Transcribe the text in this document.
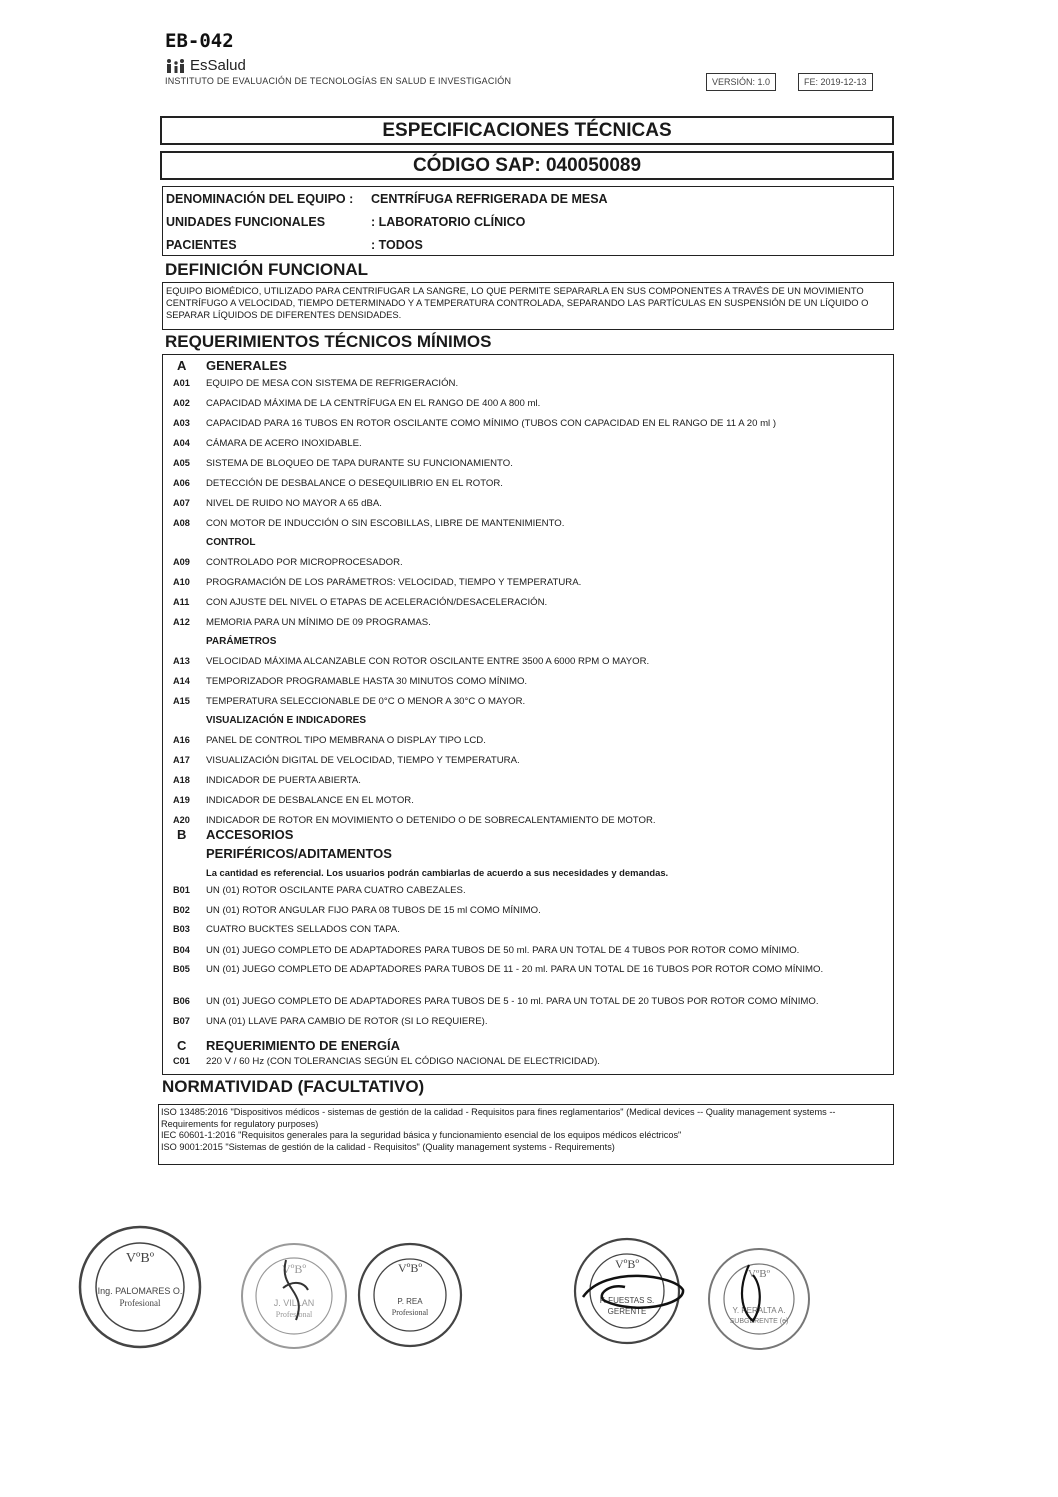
EB-042
EsSalud
INSTITUTO DE EVALUACIÓN DE TECNOLOGÍAS EN SALUD E INVESTIGACIÓN	VERSIÓN: 1.0	FE: 2019-12-13
ESPECIFICACIONES TÉCNICAS
CÓDIGO SAP: 040050089
DENOMINACIÓN DEL EQUIPO : CENTRÍFUGA REFRIGERADA DE MESA
UNIDADES FUNCIONALES	: LABORATORIO CLÍNICO
PACIENTES	: TODOS
DEFINICIÓN FUNCIONAL
EQUIPO BIOMÉDICO, UTILIZADO PARA CENTRIFUGAR LA SANGRE, LO QUE PERMITE SEPARARLA EN SUS COMPONENTES A TRAVÉS DE UN MOVIMIENTO CENTRÍFUGO A VELOCIDAD, TIEMPO DETERMINADO Y A TEMPERATURA CONTROLADA, SEPARANDO LAS PARTÍCULAS EN SUSPENSIÓN DE UN LÍQUIDO O SEPARAR LÍQUIDOS DE DIFERENTES DENSIDADES.
REQUERIMIENTOS TÉCNICOS MÍNIMOS
A	GENERALES
A01	EQUIPO DE MESA CON SISTEMA DE REFRIGERACIÓN.
A02	CAPACIDAD MÁXIMA DE LA CENTRÍFUGA EN EL RANGO DE 400 A 800 ml.
A03	CAPACIDAD PARA 16 TUBOS EN ROTOR OSCILANTE COMO MÍNIMO (TUBOS CON CAPACIDAD EN EL RANGO DE 11 A 20 ml )
A04	CÁMARA DE ACERO INOXIDABLE.
A05	SISTEMA DE BLOQUEO DE TAPA DURANTE SU FUNCIONAMIENTO.
A06	DETECCIÓN DE DESBALANCE O DESEQUILIBRIO EN EL ROTOR.
A07	NIVEL DE RUIDO NO MAYOR A 65 dBA.
A08	CON MOTOR DE INDUCCIÓN O SIN ESCOBILLAS, LIBRE DE MANTENIMIENTO.
CONTROL
A09	CONTROLADO POR MICROPROCESADOR.
A10	PROGRAMACIÓN DE LOS PARÁMETROS: VELOCIDAD, TIEMPO Y TEMPERATURA.
A11	CON AJUSTE DEL NIVEL O ETAPAS DE ACELERACIÓN/DESACELERACIÓN.
A12	MEMORIA PARA UN MÍNIMO DE 09 PROGRAMAS.
PARÁMETROS
A13	VELOCIDAD MÁXIMA ALCANZABLE CON ROTOR OSCILANTE ENTRE 3500 A 6000 RPM O MAYOR.
A14	TEMPORIZADOR PROGRAMABLE HASTA 30 MINUTOS COMO MÍNIMO.
A15	TEMPERATURA SELECCIONABLE DE 0°C O MENOR A 30°C O MAYOR.
VISUALIZACIÓN E INDICADORES
A16	PANEL DE CONTROL TIPO MEMBRANA O DISPLAY TIPO LCD.
A17	VISUALIZACIÓN DIGITAL DE VELOCIDAD, TIEMPO Y TEMPERATURA.
A18	INDICADOR DE PUERTA ABIERTA.
A19	INDICADOR DE DESBALANCE EN EL MOTOR.
A20	INDICADOR DE ROTOR EN MOVIMIENTO O DETENIDO O DE SOBRECALENTAMIENTO DE MOTOR.
B	ACCESORIOS
PERIFÉRICOS/ADITAMENTOS
La cantidad es referencial. Los usuarios podrán cambiarlas de acuerdo a sus necesidades y demandas.
B01	UN (01) ROTOR OSCILANTE PARA CUATRO CABEZALES.
B02	UN (01) ROTOR ANGULAR FIJO PARA 08 TUBOS DE 15 ml COMO MÍNIMO.
B03	CUATRO BUCKTES SELLADOS CON TAPA.
B04	UN (01) JUEGO COMPLETO DE ADAPTADORES PARA TUBOS DE 50 ml. PARA UN TOTAL DE 4 TUBOS POR ROTOR COMO MÍNIMO.
B05	UN (01) JUEGO COMPLETO DE ADAPTADORES PARA TUBOS DE 11 - 20 ml. PARA UN TOTAL DE 16 TUBOS POR ROTOR COMO MÍNIMO.
B06	UN (01) JUEGO COMPLETO DE ADAPTADORES PARA TUBOS DE 5 - 10 ml. PARA UN TOTAL DE 20 TUBOS POR ROTOR COMO MÍNIMO.
B07	UNA (01) LLAVE PARA CAMBIO DE ROTOR (SI LO REQUIERE).
C	REQUERIMIENTO DE ENERGÍA
C01	220 V / 60 Hz (CON TOLERANCIAS SEGÚN EL CÓDIGO NACIONAL DE ELECTRICIDAD).
NORMATIVIDAD (FACULTATIVO)
ISO 13485:2016 "Dispositivos médicos - sistemas de gestión de la calidad - Requisitos para fines reglamentarios" (Medical devices -- Quality management systems -- Requirements for regulatory purposes)
IEC 60601-1:2016 "Requisitos generales para la seguridad básica y funcionamiento esencial de los equipos médicos eléctricos"
ISO 9001:2015 "Sistemas de gestión de la calidad - Requisitos" (Quality management systems - Requirements)
VºBº
Ing. PALOMARES O.
Profesional
VºBº
J. VILLAN
Profesional
VºBº
P. REA
Profesional
VºBº
F. FUESTAS S.
GERENTE
VºBº
Y. PERALTA A.
SUBGERENTE (e)
